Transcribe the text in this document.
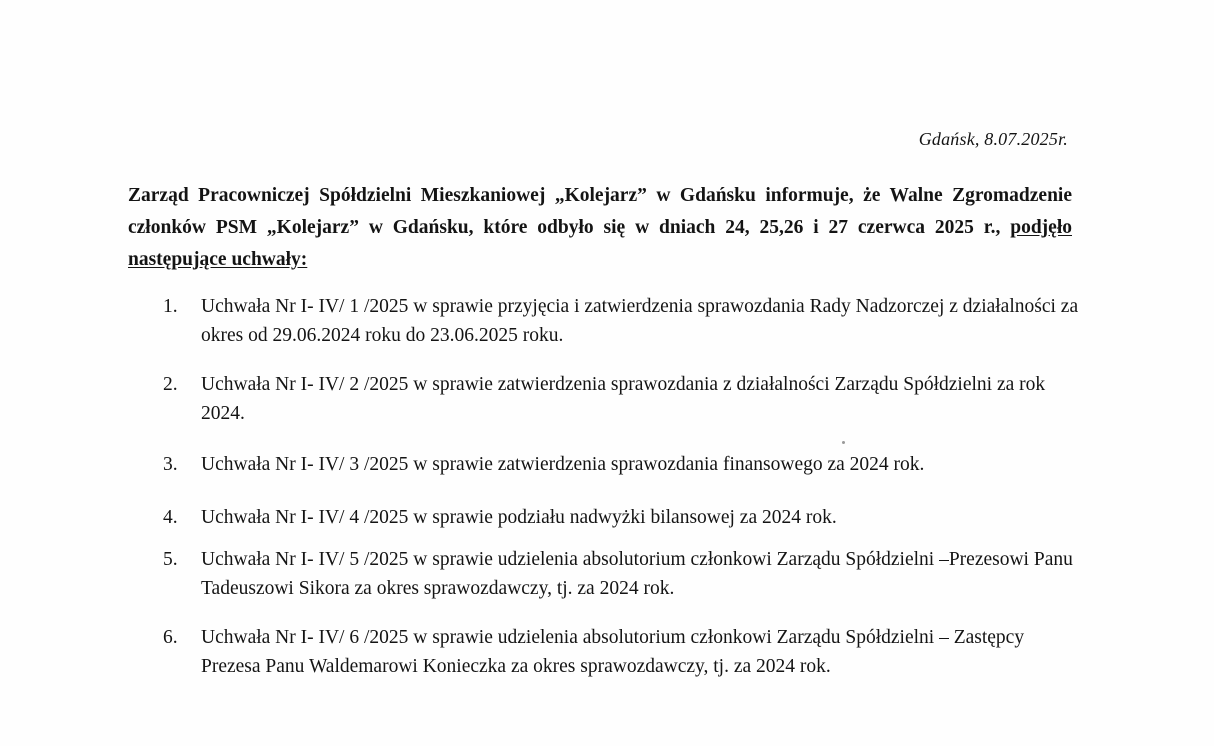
Gdańsk, 8.07.2025r.

Zarząd Pracowniczej Spółdzielni Mieszkaniowej „Kolejarz” w Gdańsku informuje, że Walne Zgromadzenie członków PSM „Kolejarz” w Gdańsku, które odbyło się w dniach 24, 25,26 i 27 czerwca 2025 r., podjęło następujące uchwały:

1.	Uchwała Nr I- IV/ 1 /2025 w sprawie przyjęcia i zatwierdzenia sprawozdania Rady Nadzorczej z działalności za okres od 29.06.2024 roku do 23.06.2025 roku.
2.	Uchwała Nr I- IV/ 2 /2025 w sprawie zatwierdzenia sprawozdania z działalności Zarządu Spółdzielni za rok 2024.
3.	Uchwała Nr I- IV/ 3 /2025 w sprawie zatwierdzenia sprawozdania finansowego za 2024 rok.
4.	Uchwała Nr I- IV/ 4 /2025 w sprawie podziału nadwyżki bilansowej za 2024 rok.
5.	Uchwała Nr I- IV/ 5 /2025 w sprawie udzielenia absolutorium członkowi Zarządu Spółdzielni –Prezesowi Panu Tadeuszowi Sikora za okres sprawozdawczy, tj. za 2024 rok.
6.	Uchwała Nr I- IV/ 6 /2025 w sprawie udzielenia absolutorium członkowi Zarządu Spółdzielni – Zastępcy Prezesa Panu Waldemarowi Konieczka za okres sprawozdawczy, tj. za 2024 rok.
